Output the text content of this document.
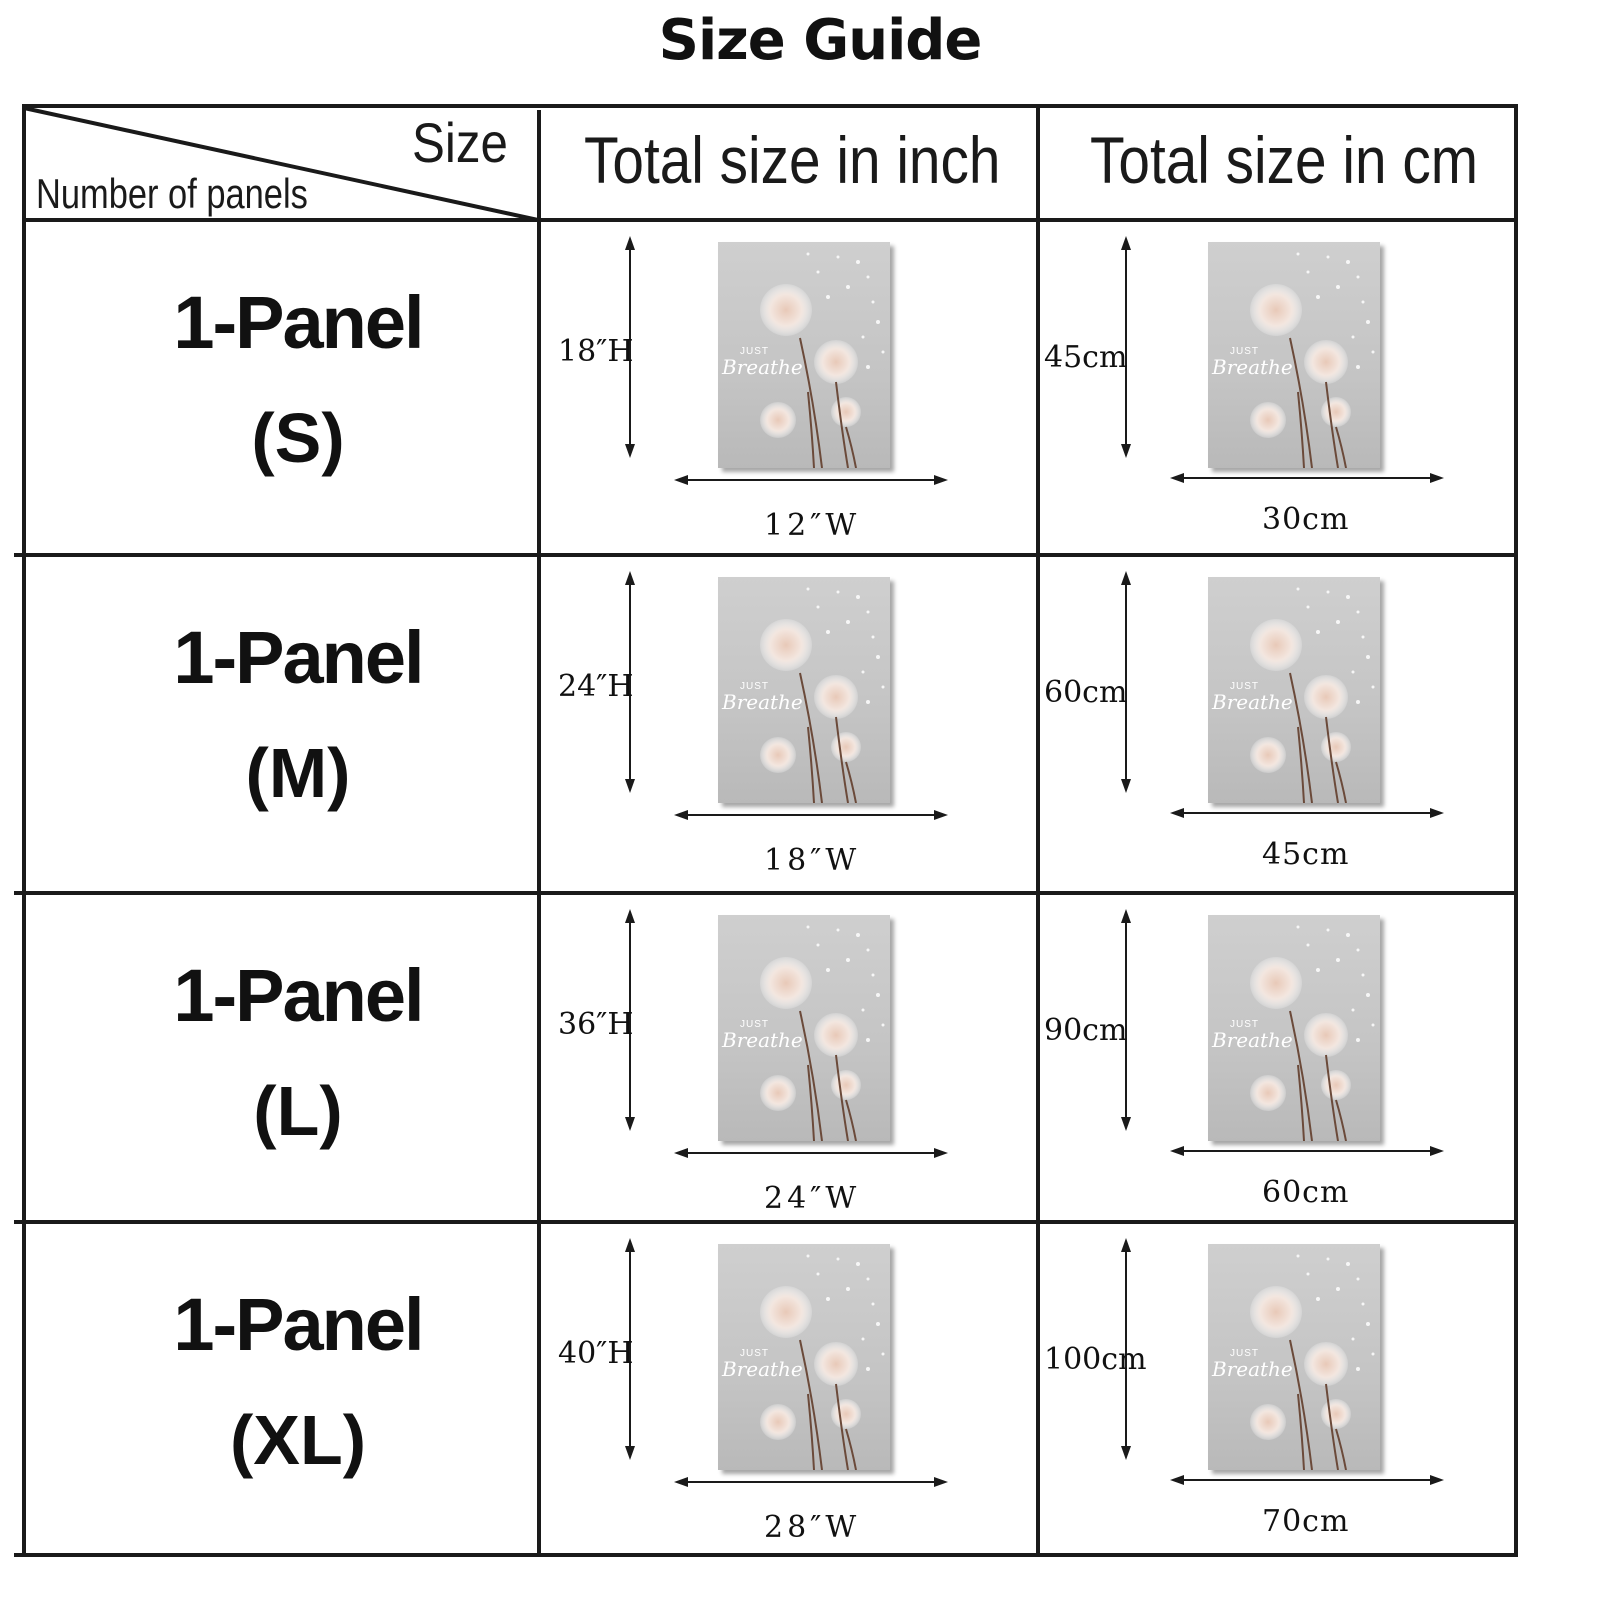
Size Guide
Size
Number of panels	Total size in inch Total size in cm
1-Panel
(S)
JUST
Breathe
18″H
12″W
JUST
Breathe
45cm
30cm
1-Panel
(M)
JUST
Breathe
24″H
18″W
JUST
Breathe
60cm
45cm
1-Panel
(L)
JUST
Breathe
36″H
24″W
JUST
Breathe
90cm
60cm
1-Panel
(XL)
JUST
Breathe
40″H
28″W
JUST
Breathe
100cm
70cm
